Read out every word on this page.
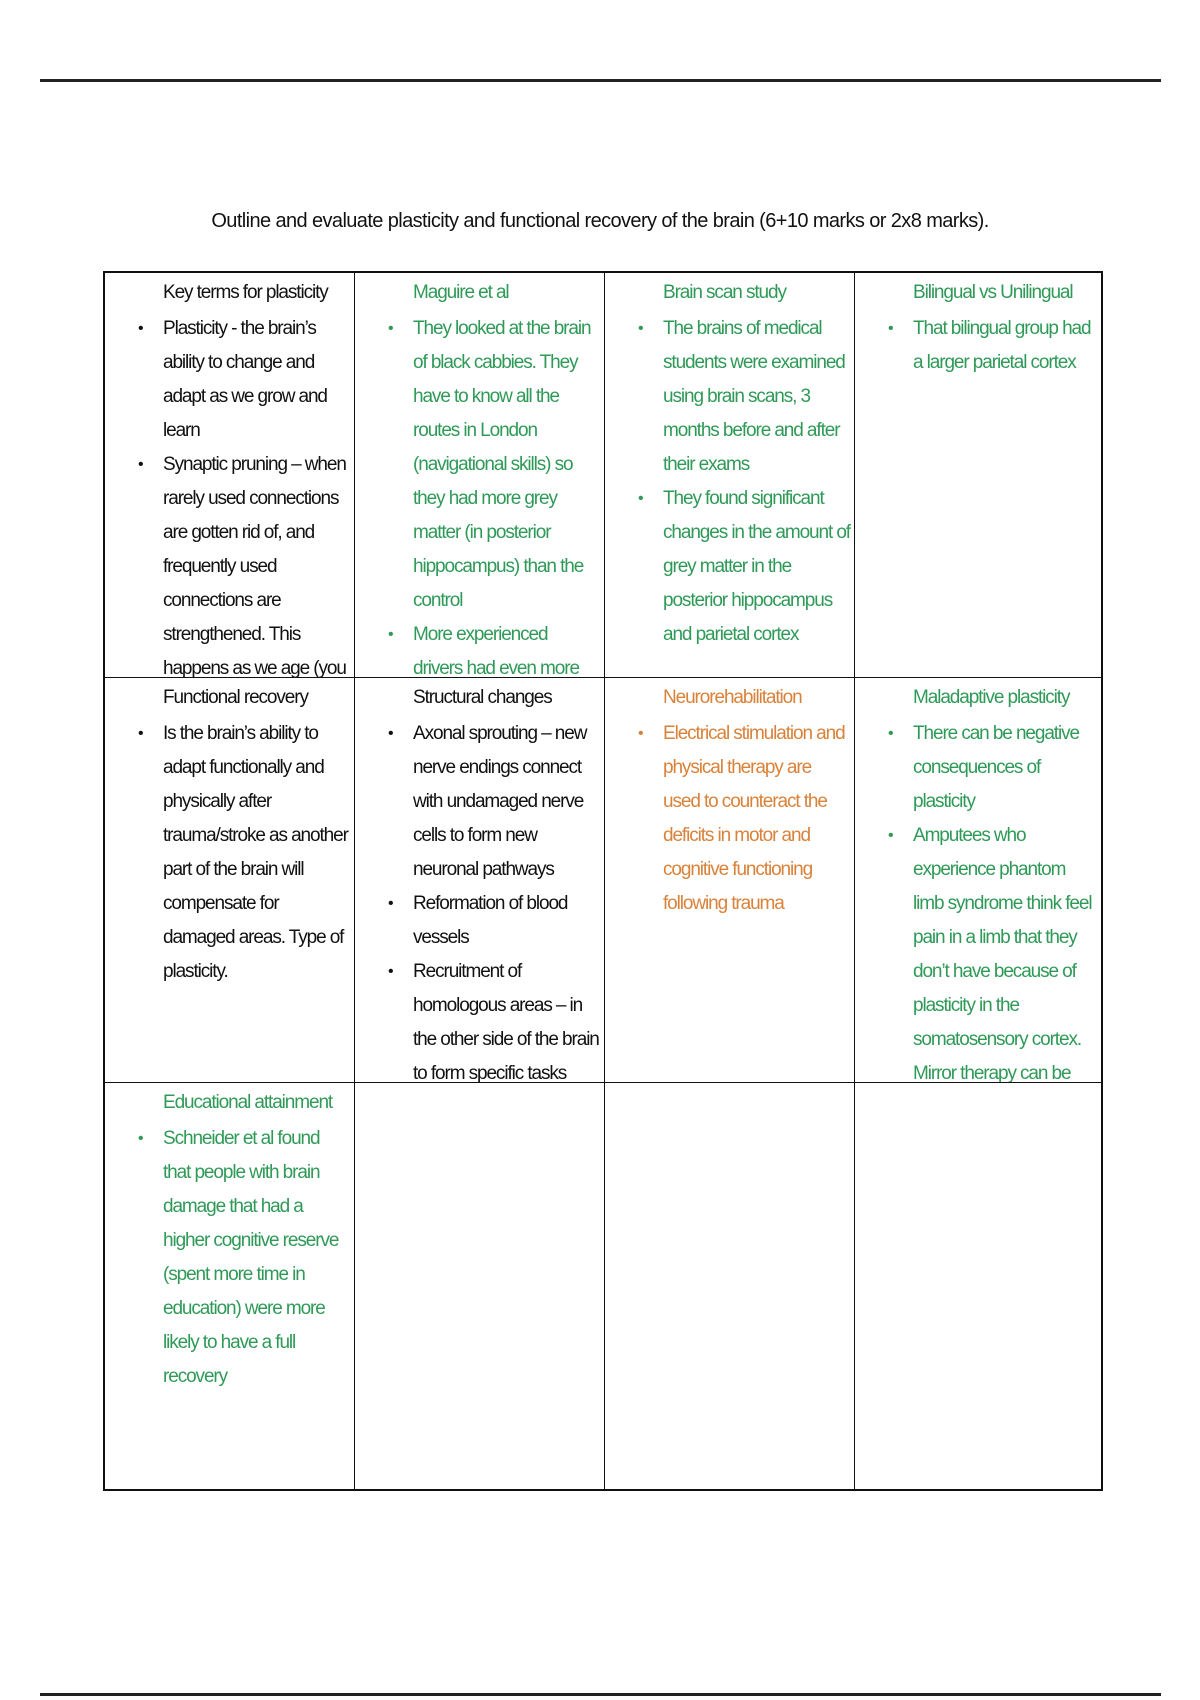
Outline and evaluate plasticity and functional recovery of the brain (6+10 marks or 2x8 marks).
Key terms for plasticity
• Plasticity - the brain’s ability to change and adapt as we grow and learn
• Synaptic pruning – when rarely used connections are gotten rid of, and frequently used connections are strengthened. This happens as we age (you
Maguire et al
• They looked at the brain of black cabbies. They have to know all the routes in London (navigational skills) so they had more grey matter (in posterior hippocampus) than the control
• More experienced drivers had even more
Brain scan study
• The brains of medical students were examined using brain scans, 3 months before and after their exams
• They found significant changes in the amount of grey matter in the posterior hippocampus and parietal cortex
Bilingual vs Unilingual
• That bilingual group had a larger parietal cortex
Functional recovery
• Is the brain’s ability to adapt functionally and physically after trauma/stroke as another part of the brain will compensate for damaged areas. Type of plasticity.
Structural changes
• Axonal sprouting – new nerve endings connect with undamaged nerve cells to form new neuronal pathways
• Reformation of blood vessels
• Recruitment of homologous areas – in the other side of the brain to form specific tasks
Neurorehabilitation
• Electrical stimulation and physical therapy are used to counteract the deficits in motor and cognitive functioning following trauma
Maladaptive plasticity
• There can be negative consequences of plasticity
• Amputees who experience phantom limb syndrome think feel pain in a limb that they don’t have because of plasticity in the somatosensory cortex. Mirror therapy can be
Educational attainment
• Schneider et al found that people with brain damage that had a higher cognitive reserve (spent more time in education) were more likely to have a full recovery
